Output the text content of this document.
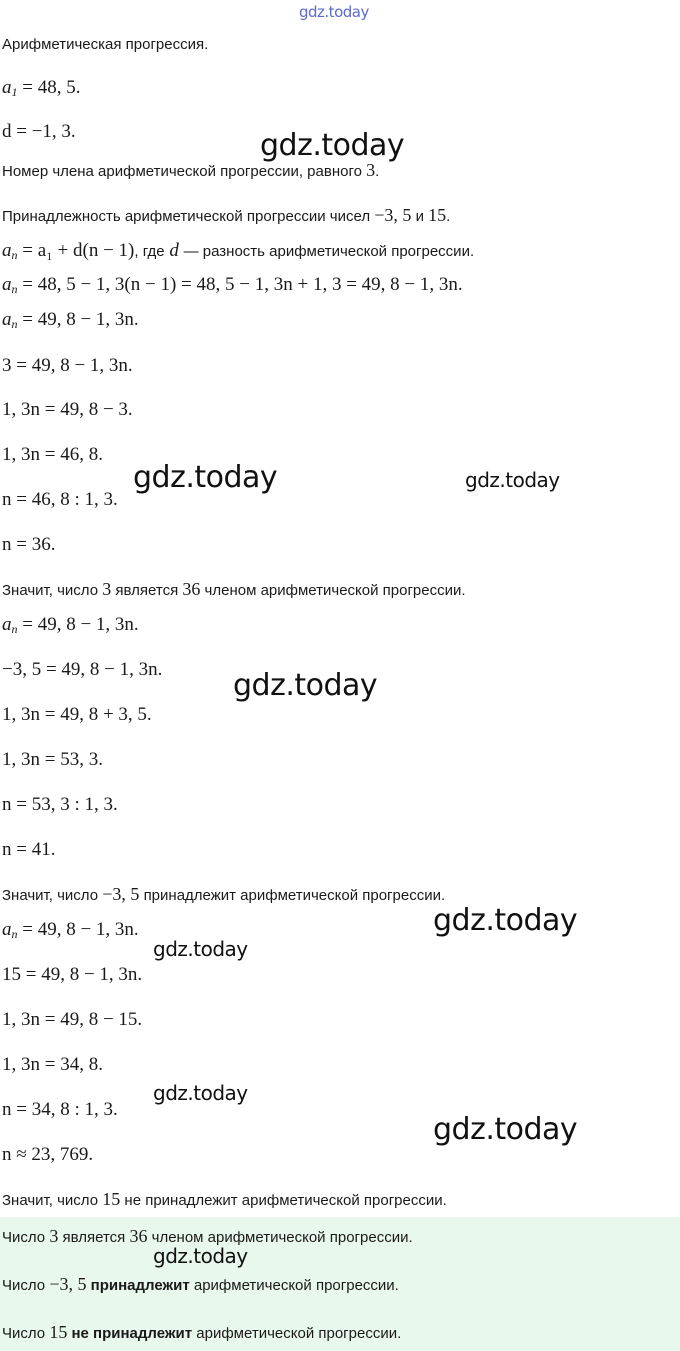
gdz.today
gdz.today
gdz.today	gdz.today
gdz.today
gdz.today
gdz.today
gdz.today
gdz.today
Арифметическая прогрессия.
$a_1 = 48$, 5.
d = −1, 3.
Номер члена арифметической прогрессии, равного 3.
Принадлежность арифметической прогрессии чисел −3, 5 и 15.
$a_n = a_1 + d(n - 1)$, где d — разность арифметической прогрессии.
$a_n = 48$, 5 − 1, 3(n − 1) = 48, 5 − 1, 3n + 1, 3 = 49, 8 − 1, 3n.
$a_n = 49$, 8 − 1, 3n.
3 = 49, 8 − 1, 3n.
1, 3n = 49, 8 − 3.
1, 3n = 46, 8.
n = 46, 8 : 1, 3.
n = 36.
Значит, число 3 является 36 членом арифметической прогрессии.
$a_n = 49$, 8 − 1, 3n.
−3, 5 = 49, 8 − 1, 3n.
1, 3n = 49, 8 + 3, 5.
1, 3n = 53, 3.
n = 53, 3 : 1, 3.
n = 41.
Значит, число −3, 5 принадлежит арифметической прогрессии.
$a_n = 49$, 8 − 1, 3n.
15 = 49, 8 − 1, 3n.
1, 3n = 49, 8 − 15.
1, 3n = 34, 8.
n = 34, 8 : 1, 3.
n ≈ 23, 769.
Значит, число 15 не принадлежит арифметической прогрессии.
Число 3 является 36 членом арифметической прогрессии.
gdz.today
Число −3, 5 принадлежит арифметической прогрессии.
Число 15 не принадлежит арифметической прогрессии.
